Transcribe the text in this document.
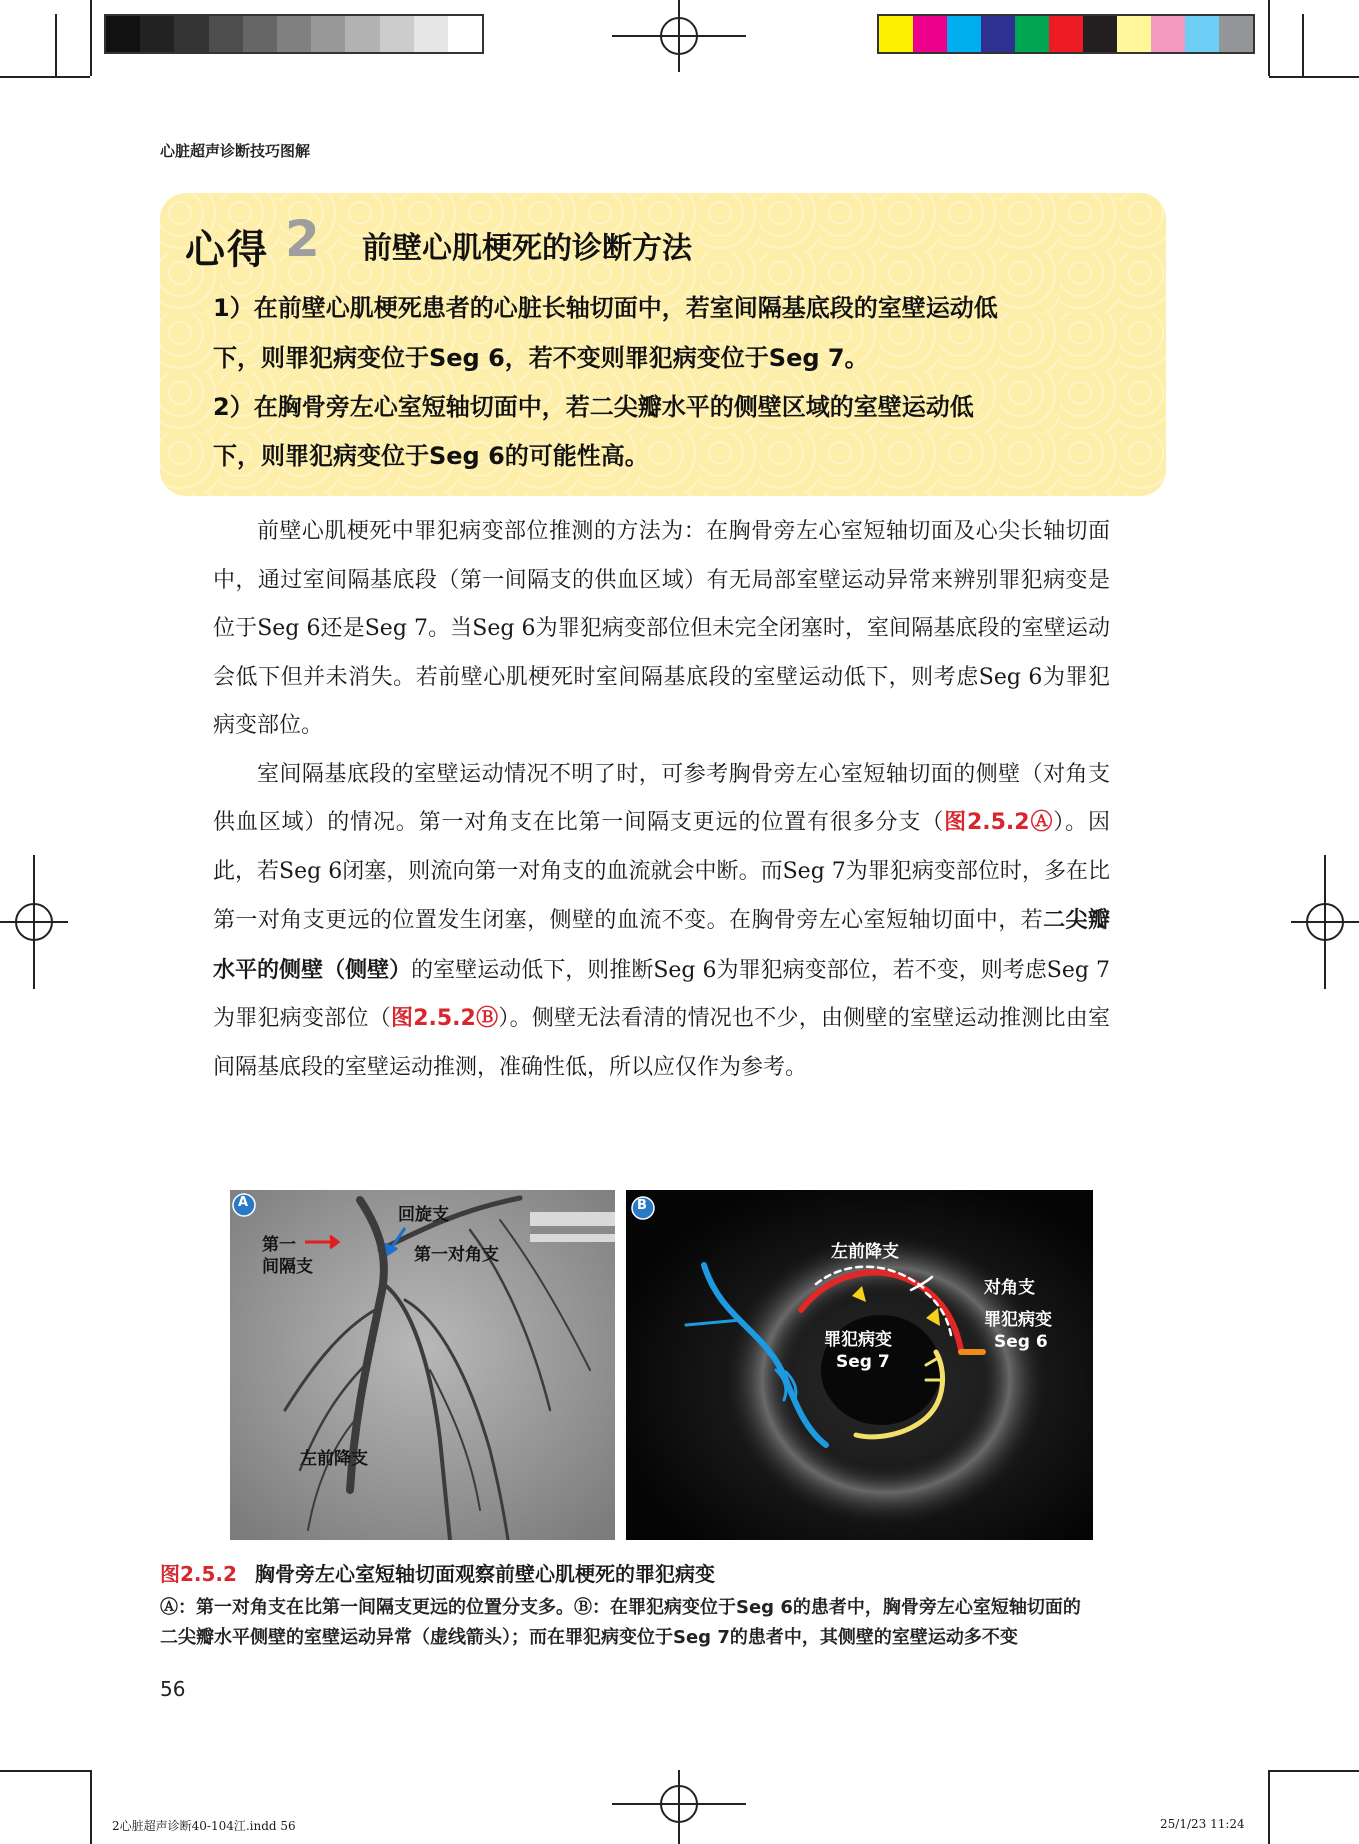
心脏超声诊断技巧图解
心得 2 前壁心肌梗死的诊断方法
1）在前壁心肌梗死患者的心脏长轴切面中，若室间隔基底段的室壁运动低
下，则罪犯病变位于Seg 6，若不变则罪犯病变位于Seg 7。
2）在胸骨旁左心室短轴切面中，若二尖瓣水平的侧壁区域的室壁运动低
下，则罪犯病变位于Seg 6的可能性高。

前壁心肌梗死中罪犯病变部位推测的方法为：在胸骨旁左心室短轴切面及心尖长轴切面中，通过室间隔基底段（第一间隔支的供血区域）有无局部室壁运动异常来辨别罪犯病变是位于Seg 6还是Seg 7。当Seg 6为罪犯病变部位但未完全闭塞时，室间隔基底段的室壁运动会低下但并未消失。若前壁心肌梗死时室间隔基底段的室壁运动低下，则考虑Seg 6为罪犯病变部位。

室间隔基底段的室壁运动情况不明了时，可参考胸骨旁左心室短轴切面的侧壁（对角支供血区域）的情况。第一对角支在比第一间隔支更远的位置有很多分支（图2.5.2Ⓐ）。因此，若Seg 6闭塞，则流向第一对角支的血流就会中断。而Seg 7为罪犯病变部位时，多在比第一对角支更远的位置发生闭塞，侧壁的血流不变。在胸骨旁左心室短轴切面中，若二尖瓣水平的侧壁（侧壁）的室壁运动低下，则推断Seg 6为罪犯病变部位，若不变，则考虑Seg 7为罪犯病变部位（图2.5.2Ⓑ）。侧壁无法看清的情况也不少，由侧壁的室壁运动推测比由室间隔基底段的室壁运动推测，准确性低，所以应仅作为参考。

A
回旋支
第一
间隔支
第一对角支
左前降支
B
左前降支
对角支
罪犯病变
Seg 6
罪犯病变
Seg 7
图2.5.2 胸骨旁左心室短轴切面观察前壁心肌梗死的罪犯病变
Ⓐ：第一对角支在比第一间隔支更远的位置分支多。Ⓑ：在罪犯病变位于Seg 6的患者中，胸骨旁左心室短轴切面的
二尖瓣水平侧壁的室壁运动异常（虚线箭头）；而在罪犯病变位于Seg 7的患者中，其侧壁的室壁运动多不变
56
2心脏超声诊断40-104江.indd 56	25/1/23 11:24
